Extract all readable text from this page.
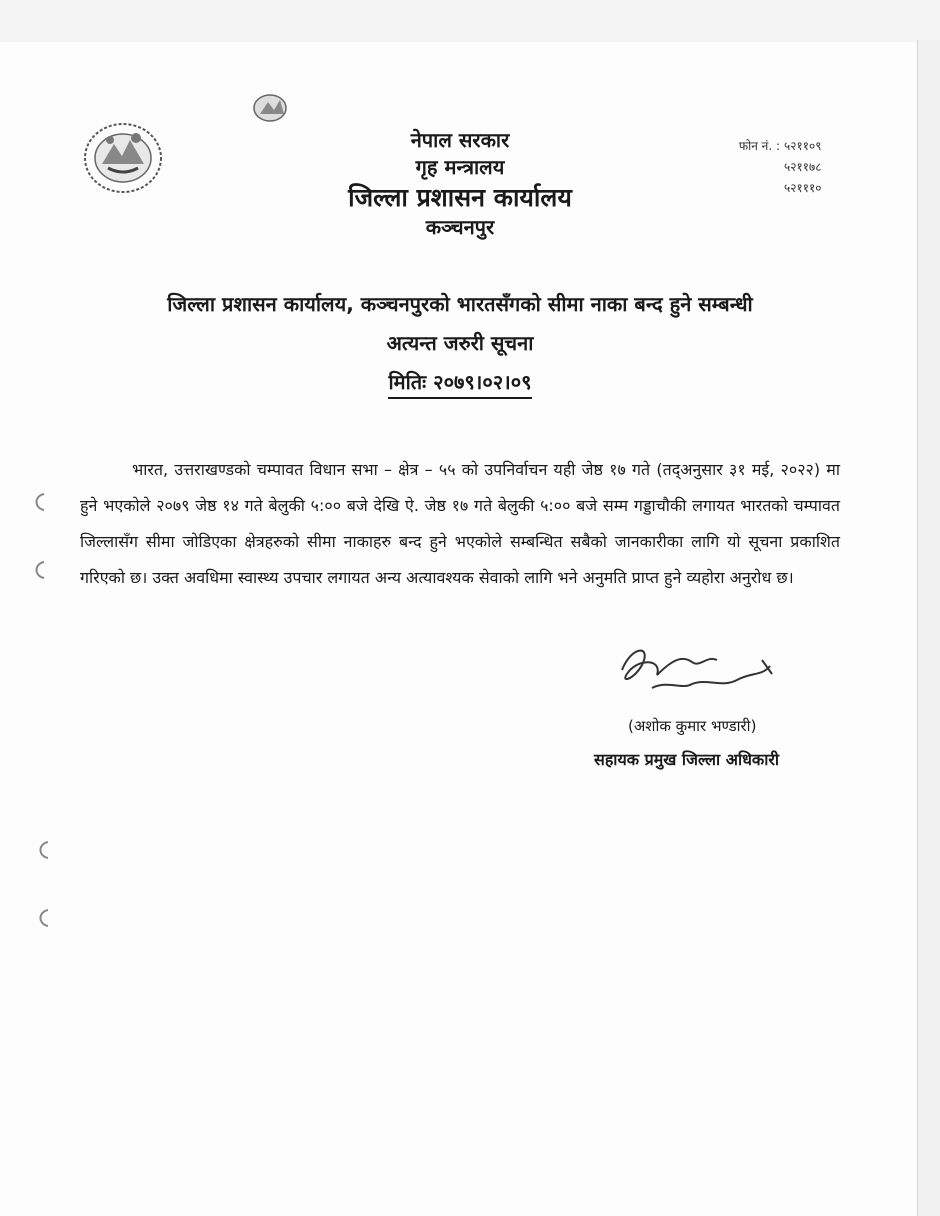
नेपाल सरकार
गृह मन्त्रालय
जिल्ला प्रशासन कार्यालय
कञ्चनपुर
फोन नं. : ५२११०९
५२११७८
५२१११०
जिल्ला प्रशासन कार्यालय, कञ्चनपुरको भारतसँगको सीमा नाका बन्द हुने सम्बन्धी
अत्यन्त जरुरी सूचना
मितिः २०७९।०२।०९

भारत, उत्तराखण्डको चम्पावत विधान सभा – क्षेत्र – ५५ को उपनिर्वाचन यही जेष्ठ १७ गते (तद्अनुसार ३१ मई, २०२२) मा हुने भएकोले २०७९ जेष्ठ १४ गते बेलुकी ५:०० बजे देखि ऐ. जेष्ठ १७ गते बेलुकी ५:०० बजे सम्म गड्डाचौकी लगायत भारतको चम्पावत जिल्लासँग सीमा जोडिएका क्षेत्रहरुको सीमा नाकाहरु बन्द हुने भएकोले सम्बन्धित सबैको जानकारीका लागि यो सूचना प्रकाशित गरिएको छ। उक्त अवधिमा स्वास्थ्य उपचार लगायत अन्य अत्यावश्यक सेवाको लागि भने अनुमति प्राप्त हुने व्यहोरा अनुरोध छ।

(अशोक कुमार भण्डारी)
सहायक प्रमुख जिल्ला अधिकारी
